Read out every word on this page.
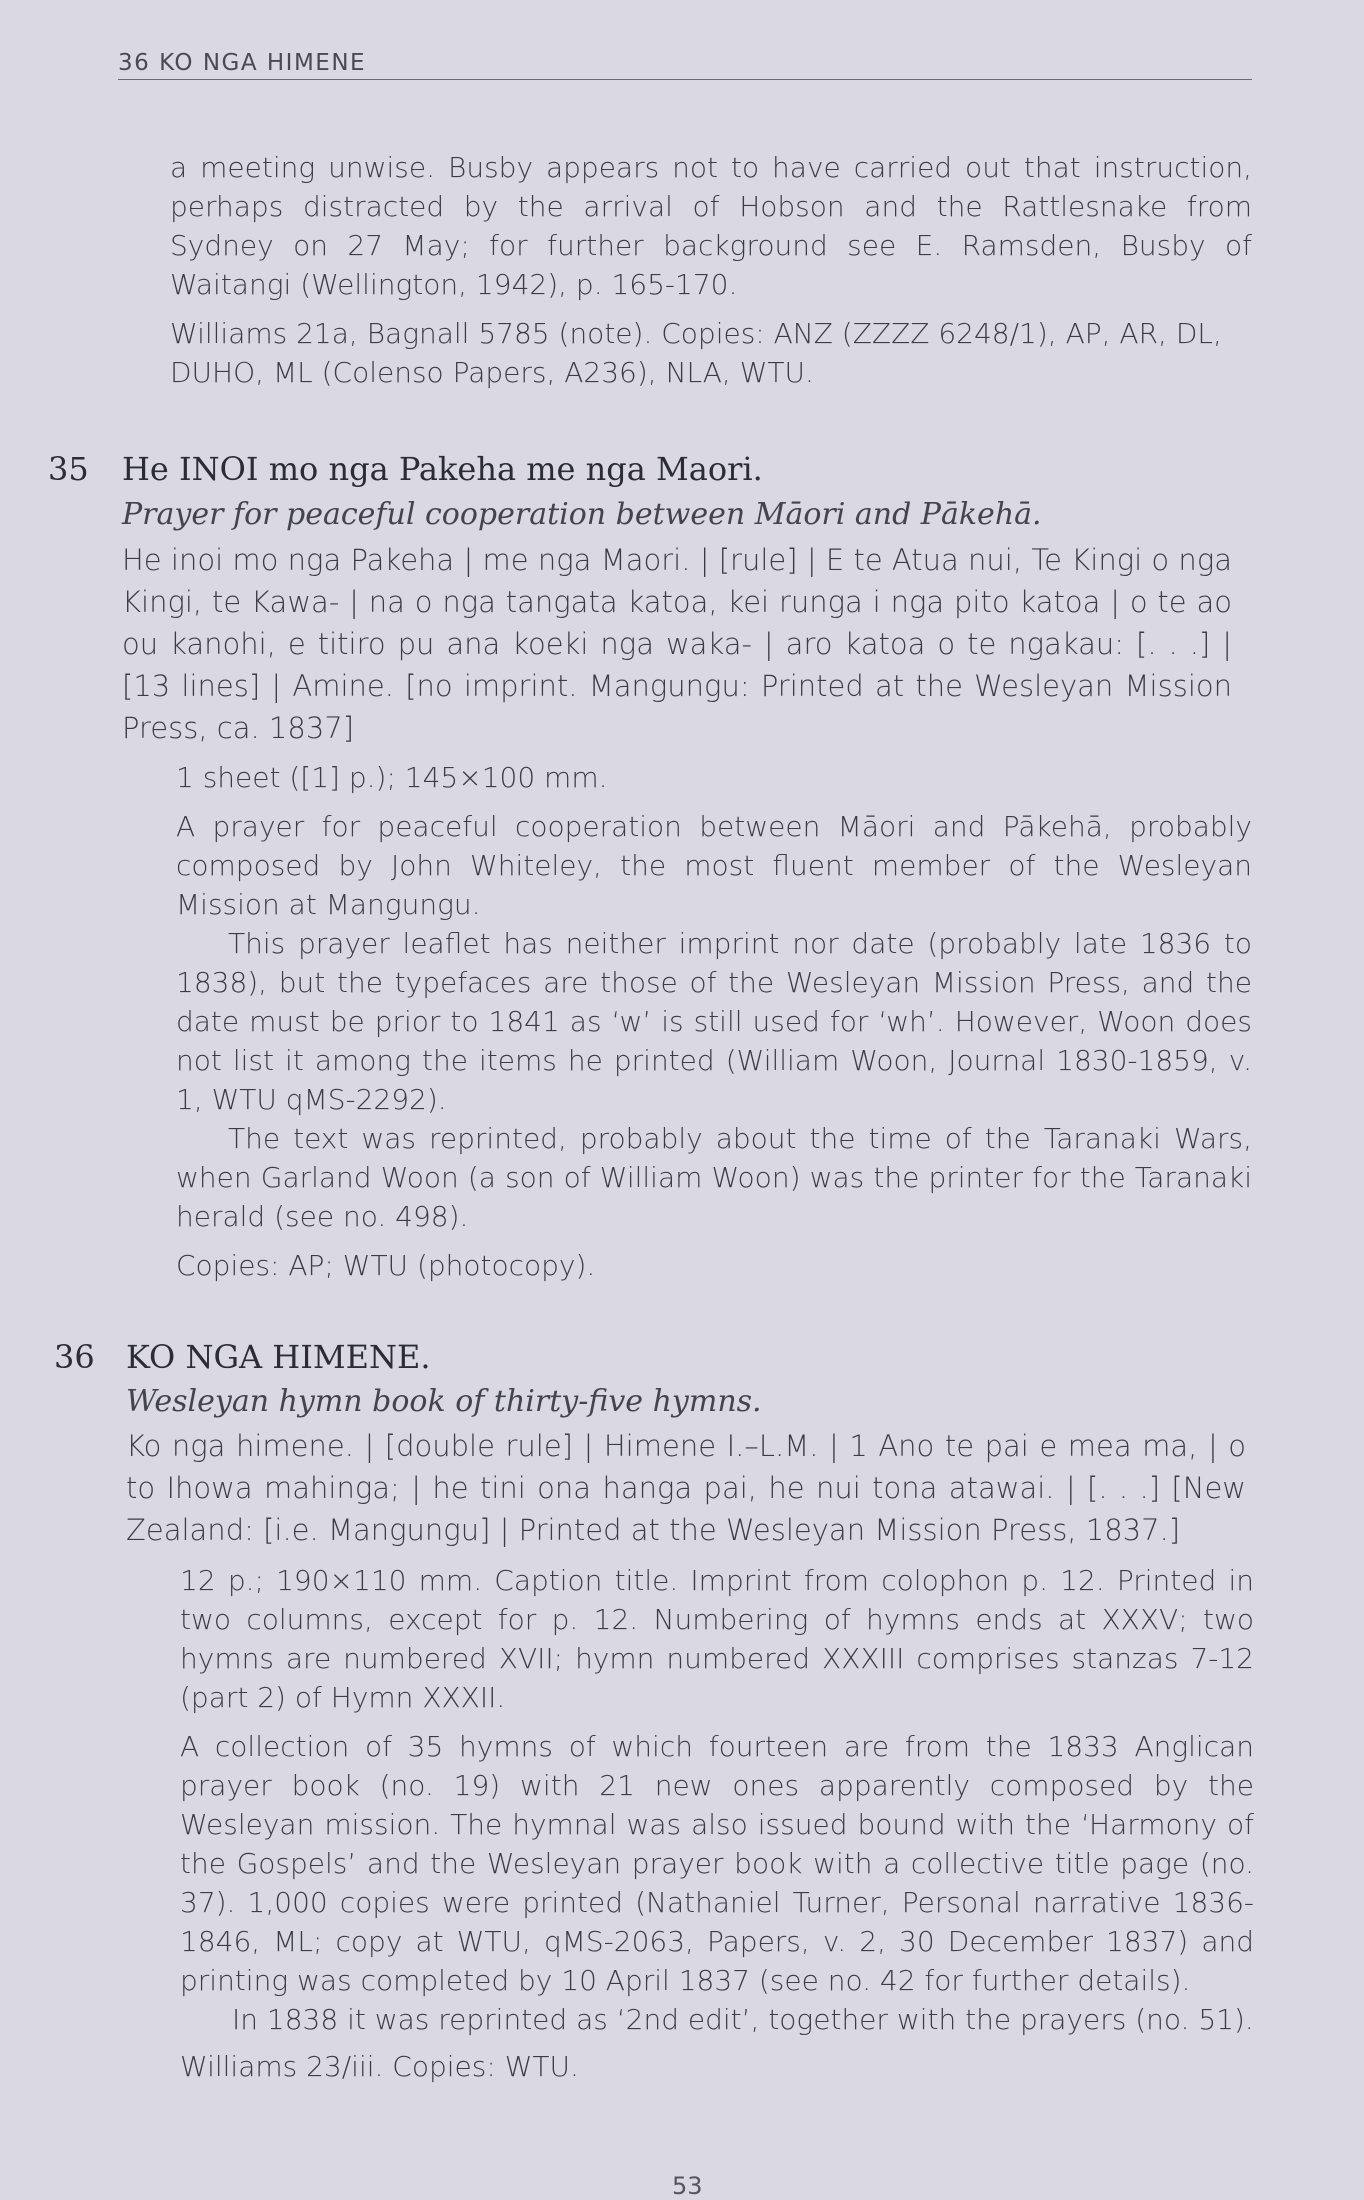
36 KO NGA HIMENE

a meeting unwise. Busby appears not to have carried out that instruction, perhaps distracted by the arrival of Hobson and the Rattlesnake from Sydney on 27 May; for further background see E. Ramsden, Busby of Waitangi (Wellington, 1942), p. 165-170.

Williams 21a, Bagnall 5785 (note). Copies: ANZ (ZZZZ 6248/1), AP, AR, DL, DUHO, ML (Colenso Papers, A236), NLA, WTU.

35 He INOI mo nga Pakeha me nga Maori.
Prayer for peaceful cooperation between Māori and Pākehā.

He inoi mo nga Pakeha | me nga Maori. | [rule] | E te Atua nui, Te Kingi o nga Kingi, te Kawa- | na o nga tangata katoa, kei runga i nga pito katoa | o te ao ou kanohi, e titiro pu ana koeki nga waka- | aro katoa o te ngakau: [. . .] | [13 lines] | Amine. [no imprint. Mangungu: Printed at the Wesleyan Mission Press, ca. 1837]

1 sheet ([1] p.); 145×100 mm.

A prayer for peaceful cooperation between Māori and Pākehā, probably composed by John Whiteley, the most fluent member of the Wesleyan Mission at Mangungu.

This prayer leaflet has neither imprint nor date (probably late 1836 to 1838), but the typefaces are those of the Wesleyan Mission Press, and the date must be prior to 1841 as ‘w’ is still used for ‘wh’. However, Woon does not list it among the items he printed (William Woon, Journal 1830-1859, v. 1, WTU qMS-2292).

The text was reprinted, probably about the time of the Taranaki Wars, when Garland Woon (a son of William Woon) was the printer for the Taranaki herald (see no. 498).

Copies: AP; WTU (photocopy).

36 KO NGA HIMENE.
Wesleyan hymn book of thirty-five hymns.

Ko nga himene. | [double rule] | Himene I.–L.M. | 1 Ano te pai e mea ma, | o to Ihowa mahinga; | he tini ona hanga pai, he nui tona atawai. | [. . .] [New Zealand: [i.e. Mangungu] | Printed at the Wesleyan Mission Press, 1837.]

12 p.; 190×110 mm. Caption title. Imprint from colophon p. 12. Printed in two columns, except for p. 12. Numbering of hymns ends at XXXV; two hymns are numbered XVII; hymn numbered XXXIII comprises stanzas 7-12 (part 2) of Hymn XXXII.

A collection of 35 hymns of which fourteen are from the 1833 Anglican prayer book (no. 19) with 21 new ones apparently composed by the Wesleyan mission. The hymnal was also issued bound with the ‘Harmony of the Gospels’ and the Wesleyan prayer book with a collective title page (no. 37). 1,000 copies were printed (Nathaniel Turner, Personal narrative 1836-1846, ML; copy at WTU, qMS-2063, Papers, v. 2, 30 December 1837) and printing was completed by 10 April 1837 (see no. 42 for further details).

In 1838 it was reprinted as ‘2nd edit’, together with the prayers (no. 51).

Williams 23/iii. Copies: WTU.

53
